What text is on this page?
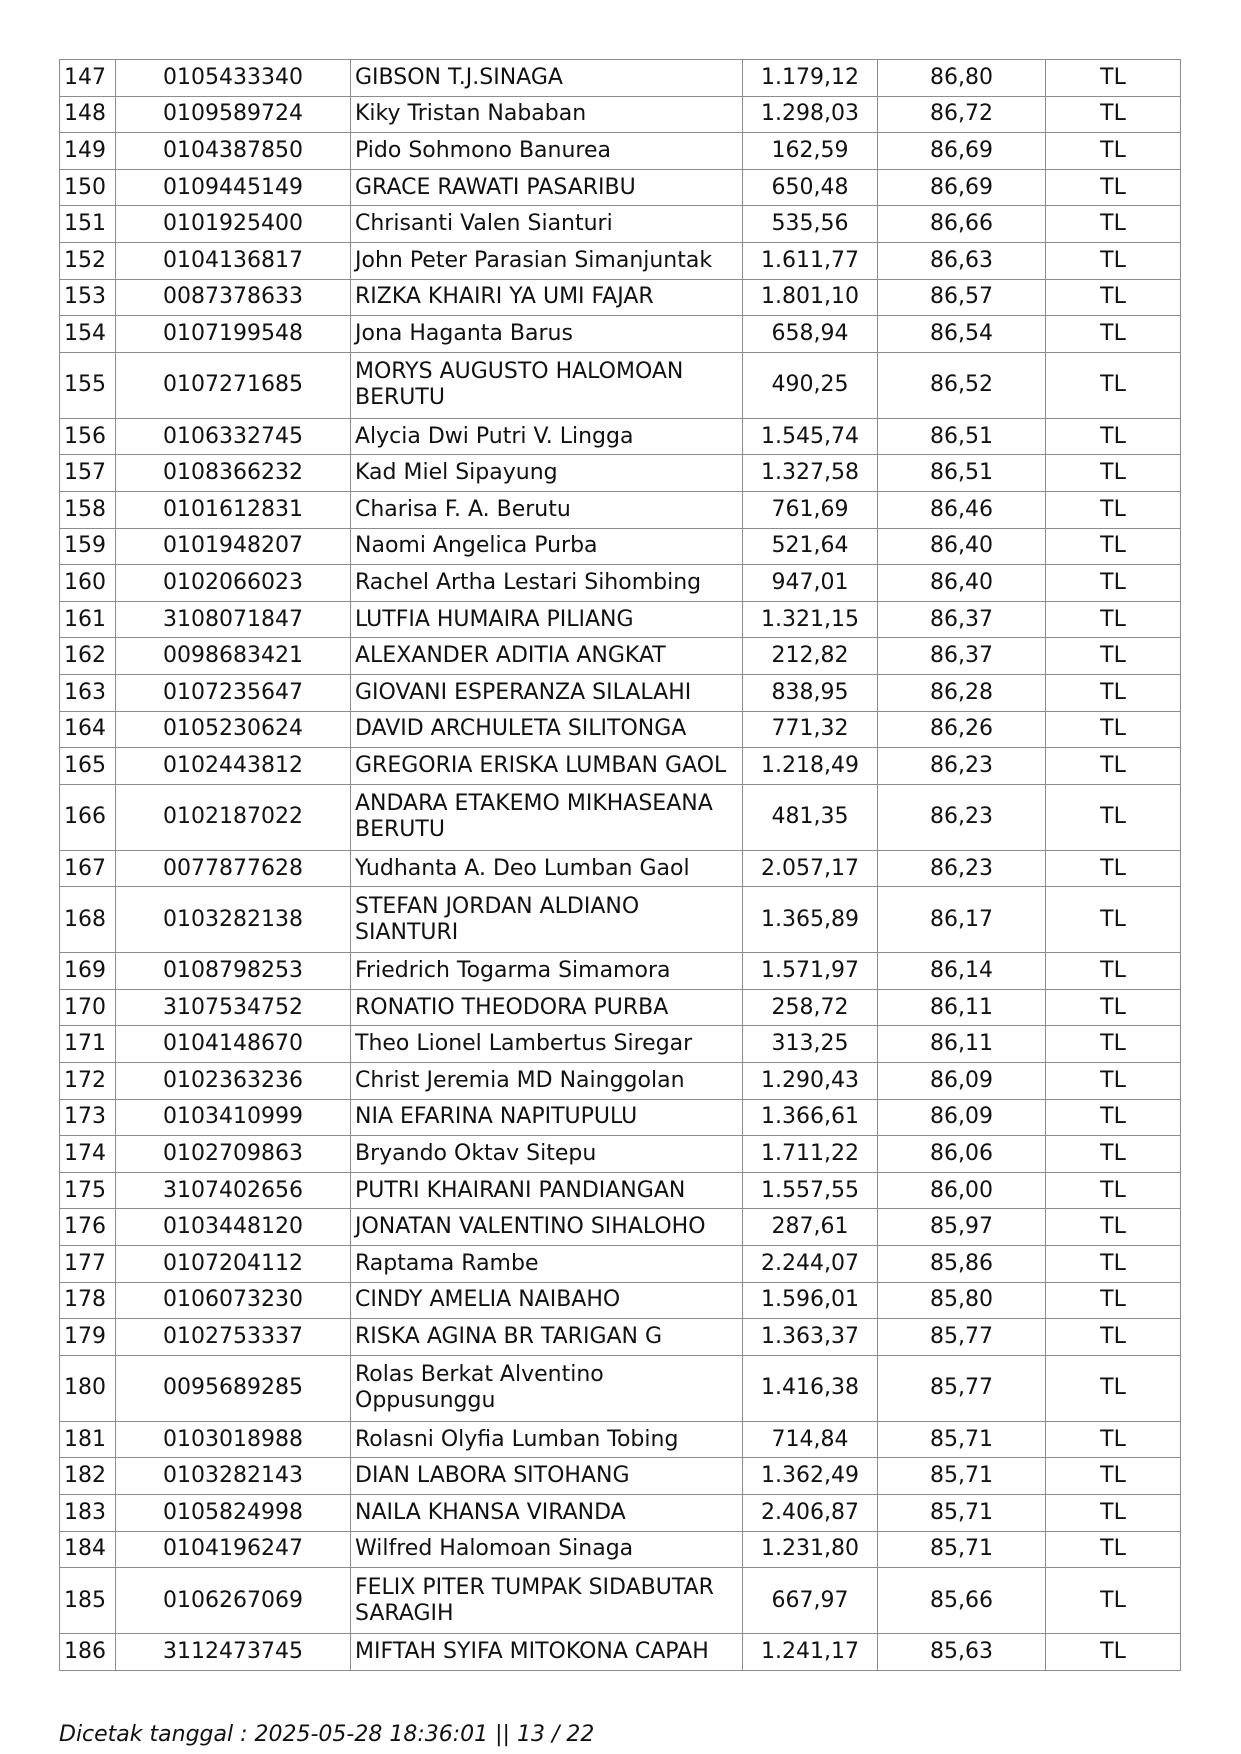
147	0105433340	GIBSON T.J.SINAGA	1.179,12	86,80	TL
148	0109589724	Kiky Tristan Nababan	1.298,03	86,72	TL
149	0104387850	Pido Sohmono Banurea	162,59	86,69	TL
150	0109445149	GRACE RAWATI PASARIBU	650,48	86,69	TL
151	0101925400	Chrisanti Valen Sianturi	535,56	86,66	TL
152	0104136817	John Peter Parasian Simanjuntak	1.611,77	86,63	TL
153	0087378633	RIZKA KHAIRI YA UMI FAJAR	1.801,10	86,57	TL
154	0107199548	Jona Haganta Barus	658,94	86,54	TL
155	0107271685	MORYS AUGUSTO HALOMOAN BERUTU	490,25	86,52	TL
156	0106332745	Alycia Dwi Putri V. Lingga	1.545,74	86,51	TL
157	0108366232	Kad Miel Sipayung	1.327,58	86,51	TL
158	0101612831	Charisa F. A. Berutu	761,69	86,46	TL
159	0101948207	Naomi Angelica Purba	521,64	86,40	TL
160	0102066023	Rachel Artha Lestari Sihombing	947,01	86,40	TL
161	3108071847	LUTFIA HUMAIRA PILIANG	1.321,15	86,37	TL
162	0098683421	ALEXANDER ADITIA ANGKAT	212,82	86,37	TL
163	0107235647	GIOVANI ESPERANZA SILALAHI	838,95	86,28	TL
164	0105230624	DAVID ARCHULETA SILITONGA	771,32	86,26	TL
165	0102443812	GREGORIA ERISKA LUMBAN GAOL	1.218,49	86,23	TL
166	0102187022	ANDARA ETAKEMO MIKHASEANA BERUTU	481,35	86,23	TL
167	0077877628	Yudhanta A. Deo Lumban Gaol	2.057,17	86,23	TL
168	0103282138	STEFAN JORDAN ALDIANO SIANTURI	1.365,89	86,17	TL
169	0108798253	Friedrich Togarma Simamora	1.571,97	86,14	TL
170	3107534752	RONATIO THEODORA PURBA	258,72	86,11	TL
171	0104148670	Theo Lionel Lambertus Siregar	313,25	86,11	TL
172	0102363236	Christ Jeremia MD Nainggolan	1.290,43	86,09	TL
173	0103410999	NIA EFARINA NAPITUPULU	1.366,61	86,09	TL
174	0102709863	Bryando Oktav Sitepu	1.711,22	86,06	TL
175	3107402656	PUTRI KHAIRANI PANDIANGAN	1.557,55	86,00	TL
176	0103448120	JONATAN VALENTINO SIHALOHO	287,61	85,97	TL
177	0107204112	Raptama Rambe	2.244,07	85,86	TL
178	0106073230	CINDY AMELIA NAIBAHO	1.596,01	85,80	TL
179	0102753337	RISKA AGINA BR TARIGAN G	1.363,37	85,77	TL
180	0095689285	Rolas Berkat Alventino Oppusunggu	1.416,38	85,77	TL
181	0103018988	Rolasni Olyfia Lumban Tobing	714,84	85,71	TL
182	0103282143	DIAN LABORA SITOHANG	1.362,49	85,71	TL
183	0105824998	NAILA KHANSA VIRANDA	2.406,87	85,71	TL
184	0104196247	Wilfred Halomoan Sinaga	1.231,80	85,71	TL
185	0106267069	FELIX PITER TUMPAK SIDABUTAR SARAGIH	667,97	85,66	TL
186	3112473745	MIFTAH SYIFA MITOKONA CAPAH	1.241,17	85,63	TL
Dicetak tanggal : 2025-05-28 18:36:01 || 13 / 22
